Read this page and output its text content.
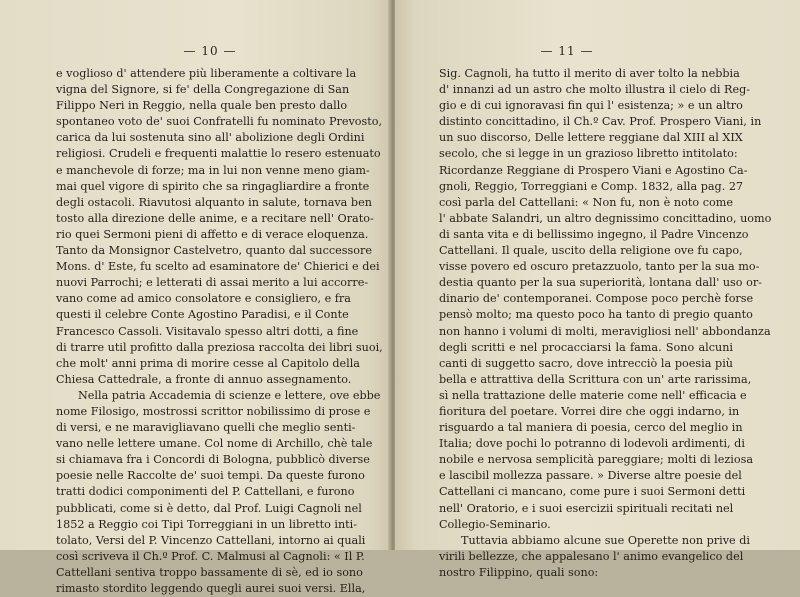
— 10 —
e voglioso d' attendere più liberamente a coltivare la
vigna del Signore, si fe' della Congregazione di San
Filippo Neri in Reggio, nella quale ben presto dallo
spontaneo voto de' suoi Confratelli fu nominato Prevosto,
carica da lui sostenuta sino all' abolizione degli Ordini
religiosi. Crudeli e frequenti malattie lo resero estenuato
e manchevole di forze; ma in lui non venne meno giam-
mai quel vigore di spirito che sa ringagliardire a fronte
degli ostacoli. Riavutosi alquanto in salute, tornava ben
tosto alla direzione delle anime, e a recitare nell' Orato-
rio quei Sermoni pieni di affetto e di verace eloquenza.
Tanto da Monsignor Castelvetro, quanto dal successore
Mons. d' Este, fu scelto ad esaminatore de' Chierici e dei
nuovi Parrochi; e letterati di assai merito a lui accorre-
vano come ad amico consolatore e consigliero, e fra
questi il celebre Conte Agostino Paradisi, e il Conte
Francesco Cassoli. Visitavalo spesso altri dotti, a fine
di trarre util profitto dalla preziosa raccolta dei libri suoi,
che molt' anni prima di morire cesse al Capitolo della
Chiesa Cattedrale, a fronte di annuo assegnamento.
Nella patria Accademia di scienze e lettere, ove ebbe
nome Filosigo, mostrossi scrittor nobilissimo di prose e
di versi, e ne maravigliavano quelli che meglio senti-
vano nelle lettere umane. Col nome di Archillo, chè tale
si chiamava fra i Concordi di Bologna, pubblicò diverse
poesie nelle Raccolte de' suoi tempi. Da queste furono
tratti dodici componimenti del P. Cattellani, e furono
pubblicati, come si è detto, dal Prof. Luigi Cagnoli nel
1852 a Reggio coi Tipi Torreggiani in un libretto inti-
tolato, Versi del P. Vincenzo Cattellani, intorno ai quali
così scriveva il Ch.º Prof. C. Malmusi al Cagnoli: « Il P.
Cattellani sentiva troppo bassamente di sè, ed io sono
rimasto stordito leggendo quegli aurei suoi versi. Ella,
— 11 —
Sig. Cagnoli, ha tutto il merito di aver tolto la nebbia
d' innanzi ad un astro che molto illustra il cielo di Reg-
gio e di cui ignoravasi fin qui l' esistenza; » e un altro
distinto concittadino, il Ch.º Cav. Prof. Prospero Viani, in
un suo discorso, Delle lettere reggiane dal XIII al XIX
secolo, che si legge in un grazioso libretto intitolato:
Ricordanze Reggiane di Prospero Viani e Agostino Ca-
gnoli, Reggio, Torreggiani e Comp. 1832, alla pag. 27
così parla del Cattellani: « Non fu, non è noto come
l' abbate Salandri, un altro degnissimo concittadino, uomo
di santa vita e di bellissimo ingegno, il Padre Vincenzo
Cattellani. Il quale, uscito della religione ove fu capo,
visse povero ed oscuro pretazzuolo, tanto per la sua mo-
destia quanto per la sua superiorità, lontana dall' uso or-
dinario de' contemporanei. Compose poco perchè forse
pensò molto; ma questo poco ha tanto di pregio quanto
non hanno i volumi di molti, meravigliosi nell' abbondanza
degli scritti e nel procacciarsi la fama. Sono alcuni
canti di suggetto sacro, dove intrecciò la poesia più
bella e attrattiva della Scrittura con un' arte rarissima,
sì nella trattazione delle materie come nell' efficacia e
fioritura del poetare. Vorrei dire che oggi indarno, in
risguardo a tal maniera di poesia, cerco del meglio in
Italia; dove pochi lo potranno di lodevoli ardimenti, di
nobile e nervosa semplicità pareggiare; molti di leziosa
e lascibil mollezza passare. » Diverse altre poesie del
Cattellani ci mancano, come pure i suoi Sermoni detti
nell' Oratorio, e i suoi esercizii spirituali recitati nel
Collegio-Seminario.
Tuttavia abbiamo alcune sue Operette non prive di
virili bellezze, che appalesano l' animo evangelico del
nostro Filippino, quali sono:
